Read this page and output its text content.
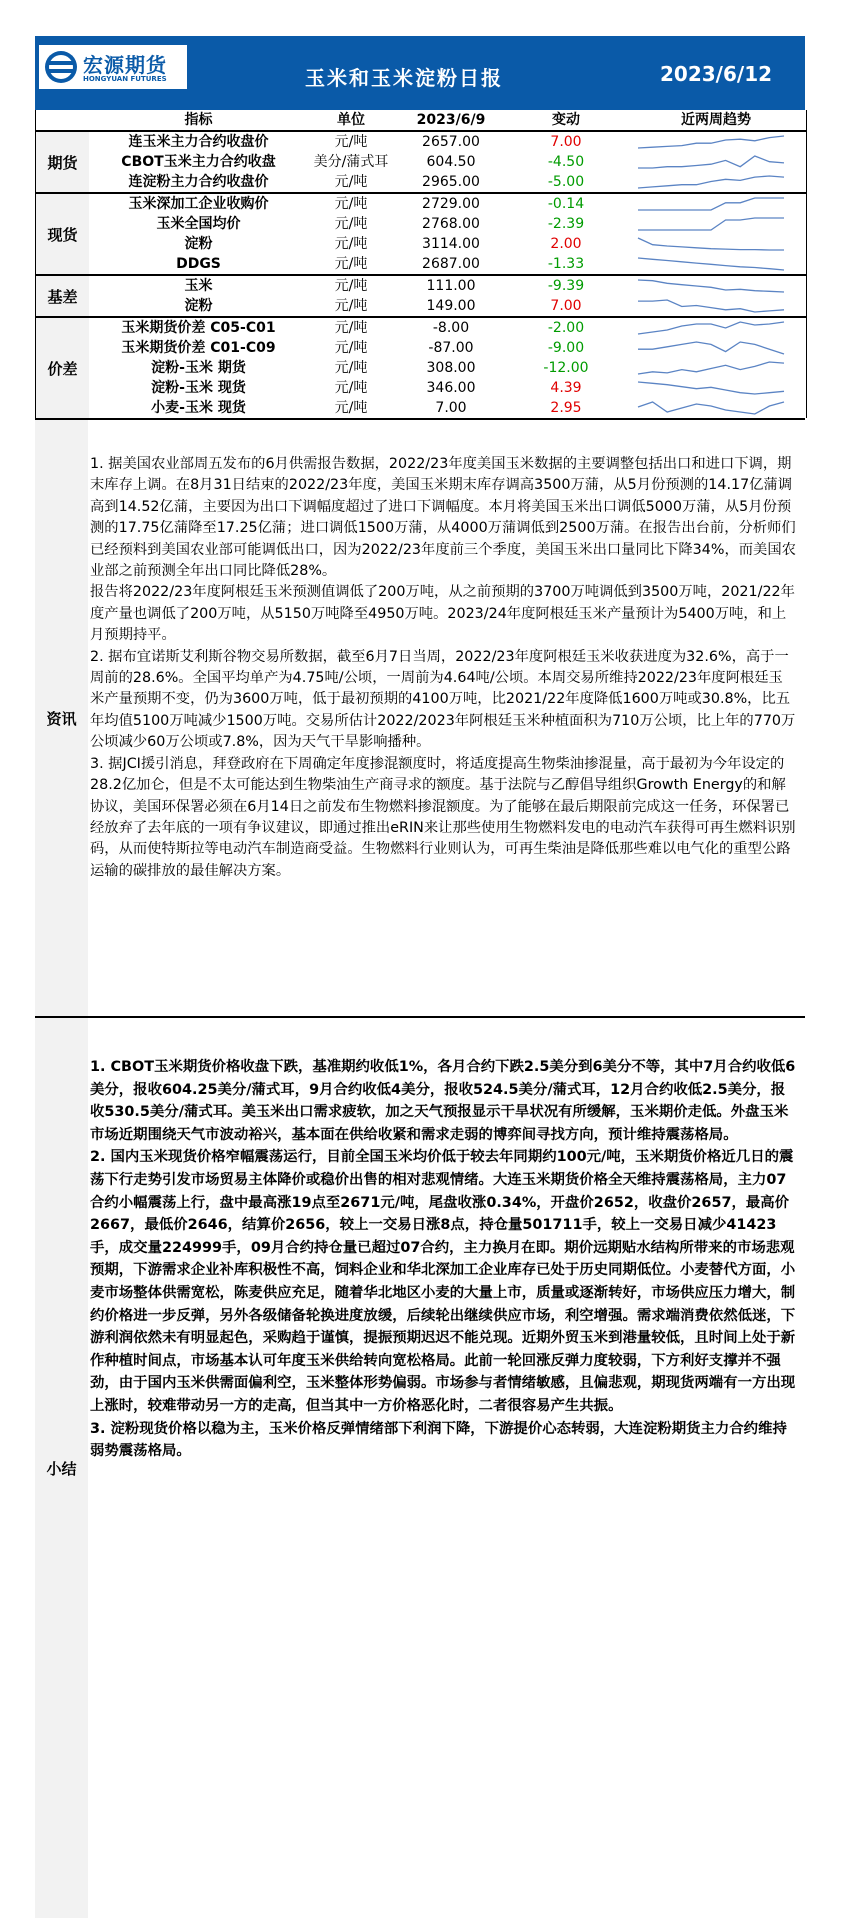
宏源期货
HONGYUAN FUTURES	玉米和玉米淀粉日报	2023/6/12
指标	单位	2023/6/9	变动	近两周趋势
期货
连玉米主力合约收盘价	元/吨	2657.00	7.00
CBOT玉米主力合约收盘	美分/蒲式耳	604.50	-4.50
连淀粉主力合约收盘价	元/吨	2965.00	-5.00
现货
玉米深加工企业收购价	元/吨	2729.00	-0.14
玉米全国均价	元/吨	2768.00	-2.39
淀粉	元/吨	3114.00	2.00
DDGS	元/吨	2687.00	-1.33
基差
玉米	元/吨	111.00	-9.39
淀粉	元/吨	149.00	7.00
价差
玉米期货价差 C05-C01	元/吨	-8.00	-2.00
玉米期货价差 C01-C09	元/吨	-87.00	-9.00
淀粉-玉米 期货	元/吨	308.00	-12.00
淀粉-玉米 现货	元/吨	346.00	4.39
小麦-玉米 现货	元/吨	7.00	2.95
资讯

1. 据美国农业部周五发布的6月供需报告数据，2022/23年度美国玉米数据的主要调整包括出口和进口下调，期末库存上调。在8月31日结束的2022/23年度，美国玉米期末库存调高3500万蒲，从5月份预测的14.17亿蒲调高到14.52亿蒲，主要因为出口下调幅度超过了进口下调幅度。本月将美国玉米出口调低5000万蒲，从5月份预测的17.75亿蒲降至17.25亿蒲；进口调低1500万蒲，从4000万蒲调低到2500万蒲。在报告出台前，分析师们已经预料到美国农业部可能调低出口，因为2022/23年度前三个季度，美国玉米出口量同比下降34%，而美国农业部之前预测全年出口同比降低28%。

报告将2022/23年度阿根廷玉米预测值调低了200万吨，从之前预期的3700万吨调低到3500万吨，2021/22年度产量也调低了200万吨，从5150万吨降至4950万吨。2023/24年度阿根廷玉米产量预计为5400万吨，和上月预期持平。

2. 据布宜诺斯艾利斯谷物交易所数据，截至6月7日当周，2022/23年度阿根廷玉米收获进度为32.6%，高于一周前的28.6%。全国平均单产为4.75吨/公顷，一周前为4.64吨/公顷。本周交易所维持2022/23年度阿根廷玉米产量预期不变，仍为3600万吨，低于最初预期的4100万吨，比2021/22年度降低1600万吨或30.8%，比五年均值5100万吨减少1500万吨。交易所估计2022/2023年阿根廷玉米种植面积为710万公顷，比上年的770万公顷减少60万公顷或7.8%，因为天气干旱影响播种。

3. 据JCI援引消息，拜登政府在下周确定年度掺混额度时，将适度提高生物柴油掺混量，高于最初为今年设定的28.2亿加仑，但是不太可能达到生物柴油生产商寻求的额度。基于法院与乙醇倡导组织Growth Energy的和解协议，美国环保署必须在6月14日之前发布生物燃料掺混额度。为了能够在最后期限前完成这一任务，环保署已经放弃了去年底的一项有争议建议，即通过推出eRIN来让那些使用生物燃料发电的电动汽车获得可再生燃料识别码，从而使特斯拉等电动汽车制造商受益。生物燃料行业则认为，可再生柴油是降低那些难以电气化的重型公路运输的碳排放的最佳解决方案。

小结

1. CBOT玉米期货价格收盘下跌，基准期约收低1%，各月合约下跌2.5美分到6美分不等，其中7月合约收低6美分，报收604.25美分/蒲式耳，9月合约收低4美分，报收524.5美分/蒲式耳，12月合约收低2.5美分，报收530.5美分/蒲式耳。美玉米出口需求疲软，加之天气预报显示干旱状况有所缓解，玉米期价走低。外盘玉米市场近期围绕天气市波动裕兴，基本面在供给收紧和需求走弱的博弈间寻找方向，预计维持震荡格局。

2. 国内玉米现货价格窄幅震荡运行，目前全国玉米均价低于较去年同期约100元/吨，玉米期货价格近几日的震荡下行走势引发市场贸易主体降价或稳价出售的相对悲观情绪。大连玉米期货价格全天维持震荡格局，主力07合约小幅震荡上行，盘中最高涨19点至2671元/吨，尾盘收涨0.34%，开盘价2652，收盘价2657，最高价2667，最低价2646，结算价2656，较上一交易日涨8点，持仓量501711手，较上一交易日减少41423手，成交量224999手，09月合约持仓量已超过07合约，主力换月在即。期价远期贴水结构所带来的市场悲观预期，下游需求企业补库积极性不高，饲料企业和华北深加工企业库存已处于历史同期低位。小麦替代方面，小麦市场整体供需宽松，陈麦供应充足，随着华北地区小麦的大量上市，质量或逐渐转好，市场供应压力增大，制约价格进一步反弹，另外各级储备轮换进度放缓，后续轮出继续供应市场，利空增强。需求端消费依然低迷，下游利润依然未有明显起色，采购趋于谨慎，提振预期迟迟不能兑现。近期外贸玉米到港量较低，且时间上处于新作种植时间点，市场基本认可年度玉米供给转向宽松格局。此前一轮回涨反弹力度较弱，下方利好支撑并不强劲，由于国内玉米供需面偏利空，玉米整体形势偏弱。市场参与者情绪敏感，且偏悲观，期现货两端有一方出现上涨时，较难带动另一方的走高，但当其中一方价格恶化时，二者很容易产生共振。

3. 淀粉现货价格以稳为主，玉米价格反弹情绪部下利润下降，下游提价心态转弱，大连淀粉期货主力合约维持弱势震荡格局。
